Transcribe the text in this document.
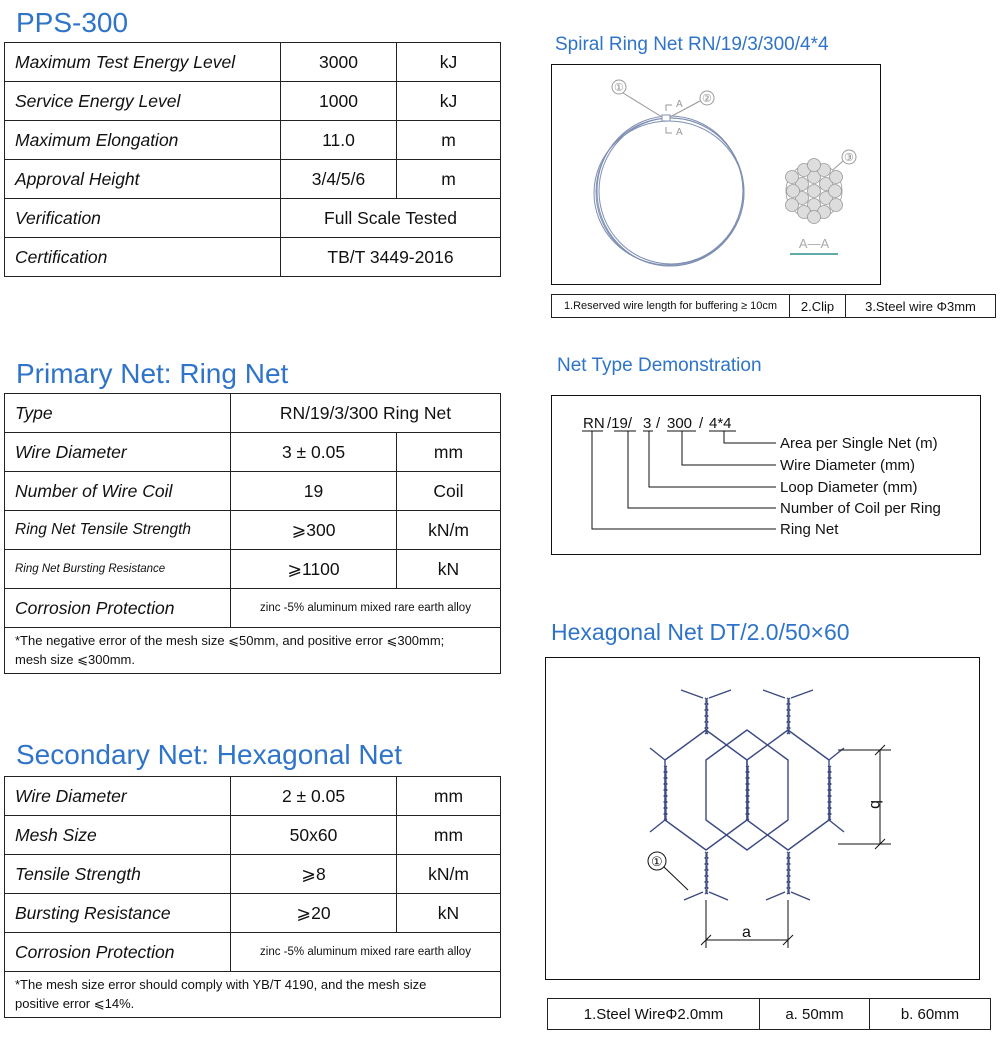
PPS-300
Maximum Test Energy Level	3000	kJ
Service Energy Level	1000	kJ
Maximum Elongation	11.0	m
Approval Height	3/4/5/6	m
Verification	Full Scale Tested	
Certification	TB/T 3449-2016	
Primary Net: Ring Net
Type	RN/19/3/300 Ring Net	
Wire Diameter	3 ± 0.05	mm
Number of Wire Coil	19	Coil
Ring Net Tensile Strength	⩾300	kN/m
Ring Net Bursting Resistance	⩾1100	kN
Corrosion Protection	zinc -5% aluminum mixed rare earth alloy	

*The negative error of the mesh size ⩽50mm, and positive error ⩽300mm;
mesh size ⩽300mm.		
Secondary Net: Hexagonal Net
Wire Diameter	2 ± 0.05	mm
Mesh Size	50x60	mm
Tensile Strength	⩾8	kN/m
Bursting Resistance	⩾20	kN
Corrosion Protection	zinc -5% aluminum mixed rare earth alloy	

*The mesh size error should comply with YB/T 4190, and the mesh size
positive error ⩽14%.		
Spiral Ring Net RN/19/3/300/4*4
①
②
③
A
A
A—A
1.Reserved wire length for buffering ≥ 10cm	2.Clip	3.Steel wire Φ3mm
Net Type Demonstration
RN /19/ 3 / 300 / 4*4
Area per Single Net (m)
Wire Diameter (mm)
Loop Diameter (mm)
Number of Coil per Ring
Ring Net
Hexagonal Net DT/2.0/50×60
b
a
①
1.Steel WireΦ2.0mm	a. 50mm	b. 60mm
